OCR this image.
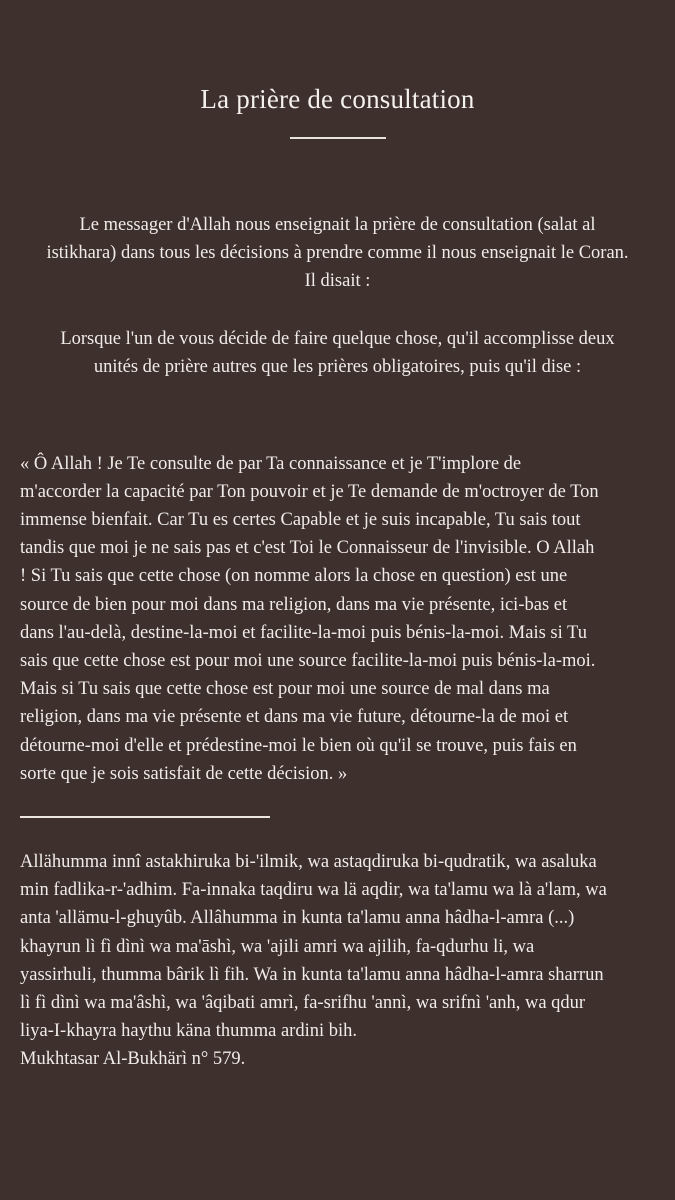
La prière de consultation

Le messager d'Allah nous enseignait la prière de consultation (salat al istikhara) dans tous les décisions à prendre comme il nous enseignait le Coran. Il disait :

Lorsque l'un de vous décide de faire quelque chose, qu'il accomplisse deux unités de prière autres que les prières obligatoires, puis qu'il dise :

« Ô Allah ! Je Te consulte de par Ta connaissance et je T'implore de m'accorder la capacité par Ton pouvoir et je Te demande de m'octroyer de Ton immense bienfait. Car Tu es certes Capable et je suis incapable, Tu sais tout tandis que moi je ne sais pas et c'est Toi le Connaisseur de l'invisible. O Allah ! Si Tu sais que cette chose (on nomme alors la chose en question) est une source de bien pour moi dans ma religion, dans ma vie présente, ici-bas et dans l'au-delà, destine-la-moi et facilite-la-moi puis bénis-la-moi. Mais si Tu sais que cette chose est pour moi une source facilite-la-moi puis bénis-la-moi. Mais si Tu sais que cette chose est pour moi une source de mal dans ma religion, dans ma vie présente et dans ma vie future, détourne-la de moi et détourne-moi d'elle et prédestine-moi le bien où qu'il se trouve, puis fais en sorte que je sois satisfait de cette décision. »

Allähumma innî astakhiruka bi-'ilmik, wa astaqdiruka bi-qudratik, wa asaluka min fadlika-r-'adhim. Fa-innaka taqdiru wa lä aqdir, wa ta'lamu wa là a'lam, wa anta 'allämu-l-ghuyûb. Allâhumma in kunta ta'lamu anna hâdha-l-amra (...) khayrun lì fì dìnì wa ma'āshì, wa 'ajili amri wa ajilih, fa-qdurhu li, wa yassirhuli, thumma bârik lì fih. Wa in kunta ta'lamu anna hâdha-l-amra sharrun lì fì dìnì wa ma'âshì, wa 'âqibati amrì, fa-srifhu 'annì, wa srifnì 'anh, wa qdur liya-I-khayra haythu käna thumma ardini bih.

Mukhtasar Al-Bukhärì n° 579.
